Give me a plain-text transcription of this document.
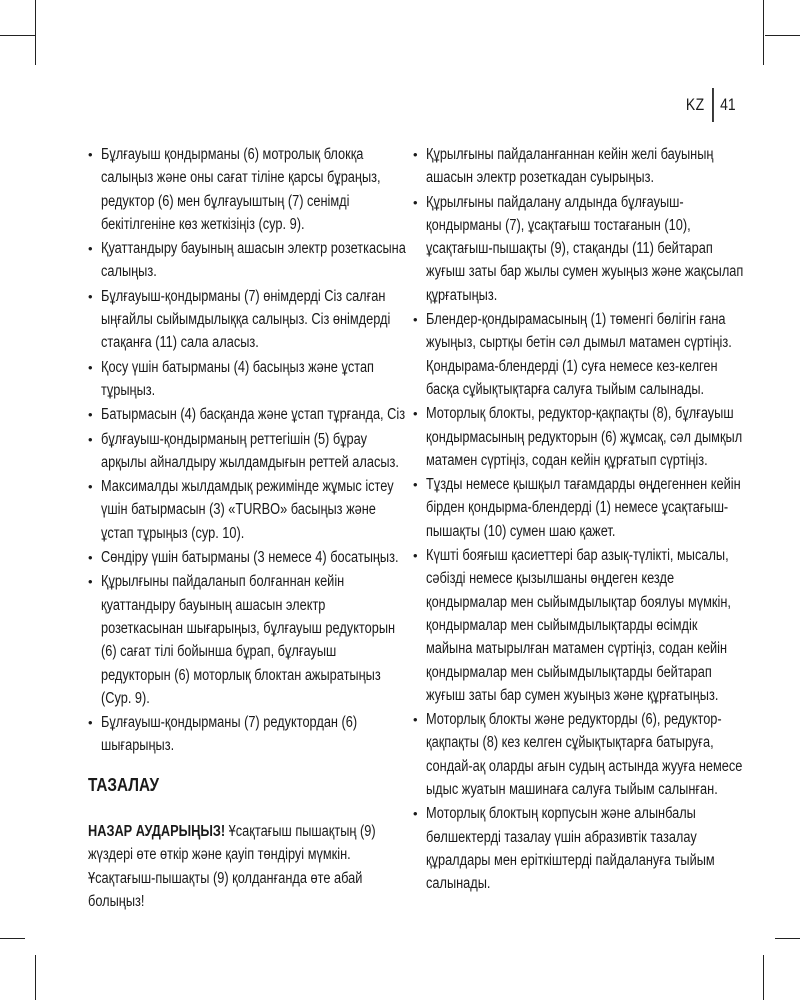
KZ 41
• Бұлғауыш қондырманы (6) мотролық блокқа салыңыз және оны сағат тіліне қарсы бұраңыз, редуктор (6) мен бұлғауыштың (7) сенімді бекітілгеніне көз жеткізіңіз (сур. 9).
• Қуаттандыру бауының ашасын электр розеткасына салыңыз.
• Бұлғауыш-қондырманы (7) өнімдерді Сіз салған ыңғайлы сыйымдылыққа салыңыз. Сіз өнімдерді стақанға (11) сала аласыз.
• Қосу үшін батырманы (4) басыңыз және ұстап тұрыңыз.
• Батырмасын (4) басқанда және ұстап тұрғанда, Сіз
• бұлғауыш-қондырманың реттегішін (5) бұрау арқылы айналдыру жылдамдығын реттей аласыз.
• Максималды жылдамдық режимінде жұмыс істеу үшін батырмасын (3) «TURBO» басыңыз және ұстап тұрыңыз (сур. 10).
• Сөндіру үшін батырманы (3 немесе 4) босатыңыз.
• Құрылғыны пайдаланып болғаннан кейін қуаттандыру бауының ашасын электр розеткасынан шығарыңыз, бұлғауыш редукторын (6) сағат тілі бойынша бұрап, бұлғауыш редукторын (6) моторлық блоктан ажыратыңыз (Сур. 9).
• Бұлғауыш-қондырманы (7) редуктордан (6) шығарыңыз.
ТАЗАЛАУ
НАЗАР АУДАРЫҢЫЗ! Ұсақтағыш пышақтың (9) жүздері өте өткір және қауіп төндіруі мүмкін. Ұсақтағыш-пышақты (9) қолданғанда өте абай болыңыз!
• Құрылғыны пайдаланғаннан кейін желі бауының ашасын электр розеткадан суырыңыз.
• Құрылғыны пайдалану алдында бұлғауыш-қондырманы (7), ұсақтағыш тостағанын (10), ұсақтағыш-пышақты (9), стақанды (11) бейтарап жуғыш заты бар жылы сумен жуыңыз және жақсылап құрғатыңыз.
• Блендер-қондырамасының (1) төменгі бөлігін ғана жуыңыз, сыртқы бетін сәл дымыл матамен сүртіңіз. Қондырама-блендерді (1) суға немесе кез-келген басқа сұйықтықтарға салуға тыйым салынады.
• Моторлық блокты, редуктор-қақпақты (8), бұлғауыш қондырмасының редукторын (6) жұмсақ, сәл дымқыл матамен сүртіңіз, содан кейін құрғатып сүртіңіз.
• Тұзды немесе қышқыл тағамдарды өңдегеннен кейін бірден қондырма-блендерді (1) немесе ұсақтағыш-пышақты (10) сумен шаю қажет.
• Күшті бояғыш қасиеттері бар азық-түлікті, мысалы, сәбізді немесе қызылшаны өңдеген кезде қондырмалар мен сыйымдылықтар боялуы мүмкін, қондырмалар мен сыйымдылықтарды өсімдік майына матырылған матамен сүртіңіз, содан кейін қондырмалар мен сыйымдылықтарды бейтарап жуғыш заты бар сумен жуыңыз және құрғатыңыз.
• Моторлық блокты және редукторды (6), редуктор-қақпақты (8) кез келген сұйықтықтарға батыруға, сондай-ақ оларды ағын судың астында жууға немесе ыдыс жуатын машинаға салуға тыйым салынған.
• Моторлық блоктың корпусын және алынбалы бөлшектерді тазалау үшін абразивтік тазалау құралдары мен еріткіштерді пайдалануға тыйым салынады.
